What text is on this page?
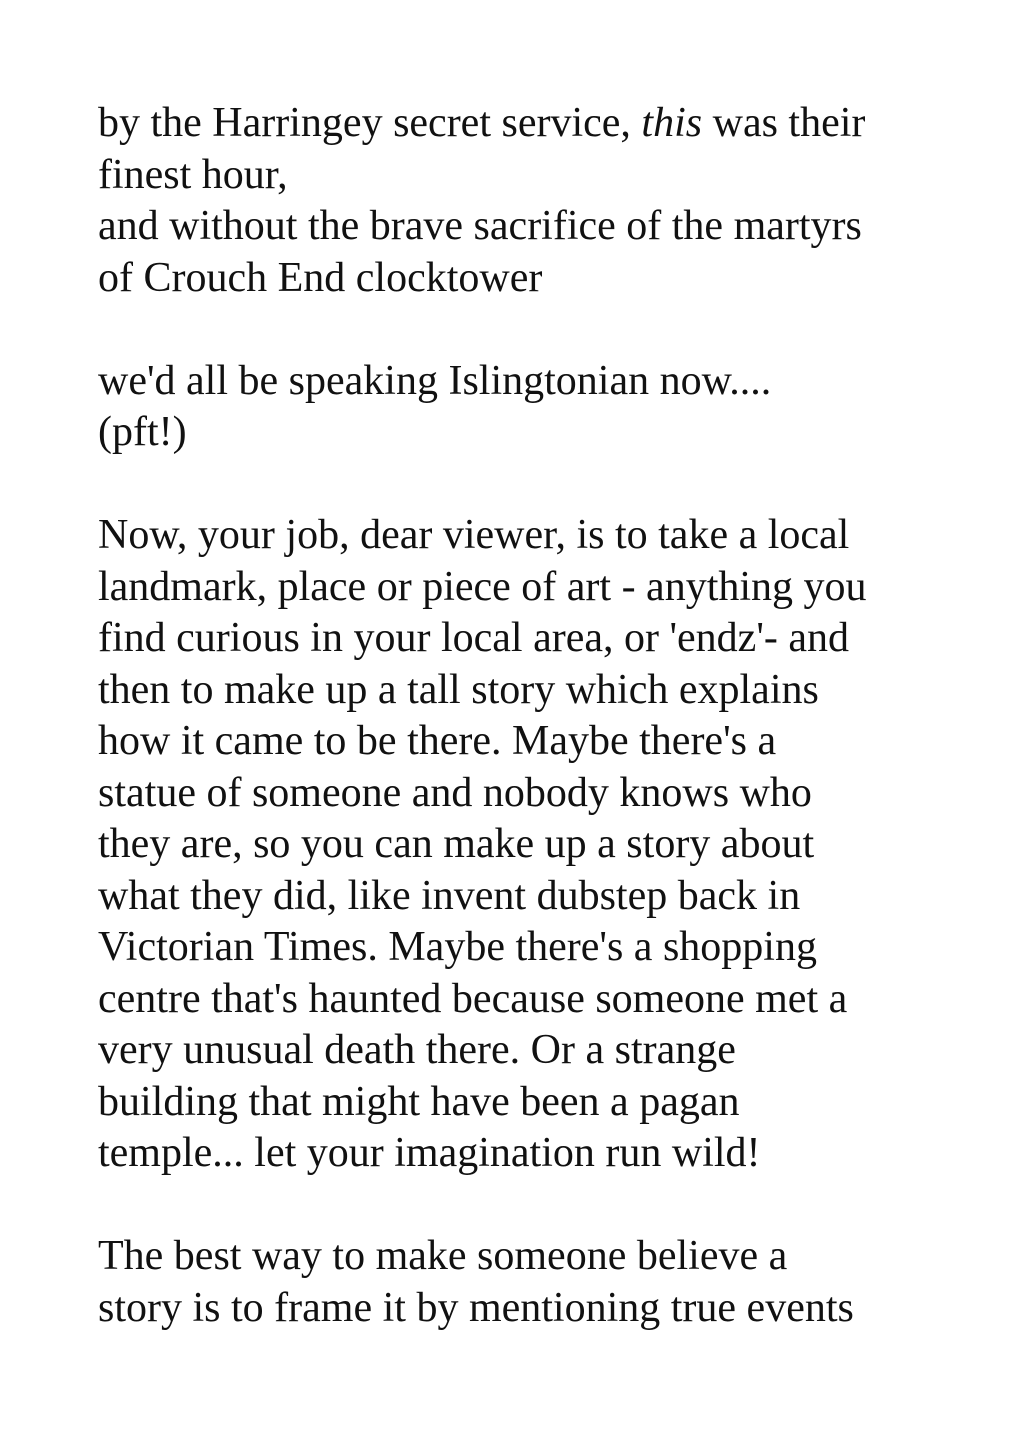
by the Harringey secret service, this was their
finest hour,
and without the brave sacrifice of the martyrs
of Crouch End clocktower
we'd all be speaking Islingtonian now....
(pft!)
Now, your job, dear viewer, is to take a local
landmark, place or piece of art - anything you
find curious in your local area, or 'endz'- and
then to make up a tall story which explains
how it came to be there. Maybe there's a
statue of someone and nobody knows who
they are, so you can make up a story about
what they did, like invent dubstep back in
Victorian Times. Maybe there's a shopping
centre that's haunted because someone met a
very unusual death there. Or a strange
building that might have been a pagan
temple... let your imagination run wild!
The best way to make someone believe a
story is to frame it by mentioning true events
